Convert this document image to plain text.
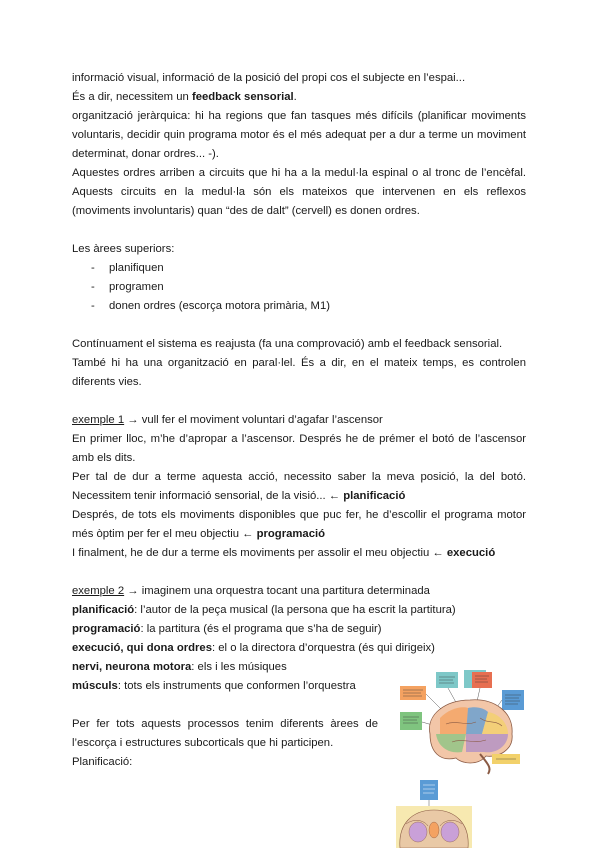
informació visual, informació de la posició del propi cos el subjecte en l’espai...
És a dir, necessitem un feedback sensorial.
organització jeràrquica: hi ha regions que fan tasques més difícils (planificar moviments voluntaris, decidir quin programa motor és el més adequat per a dur a terme un moviment determinat, donar ordres... -).
Aquestes ordres arriben a circuits que hi ha a la medul·la espinal o al tronc de l’encèfal. Aquests circuits en la medul·la són els mateixos que intervenen en els reflexos (moviments involuntaris) quan “des de dalt” (cervell) es donen ordres.
Les àrees superiors:
- planifiquen
- programen
- donen ordres (escorça motora primària, M1)
Contínuament el sistema es reajusta (fa una comprovació) amb el feedback sensorial.
També hi ha una organització en paral·lel. És a dir, en el mateix temps, es controlen diferents vies.
exemple 1 → vull fer el moviment voluntari d’agafar l’ascensor
En primer lloc, m’he d’apropar a l’ascensor. Després he de prémer el botó de l’ascensor amb els dits.
Per tal de dur a terme aquesta acció, necessito saber la meva posició, la del botó. Necessitem tenir informació sensorial, de la visió... ← planificació
Després, de tots els moviments disponibles que puc fer, he d’escollir el programa motor més òptim per fer el meu objectiu ← programació
I finalment, he de dur a terme els moviments per assolir el meu objectiu ← execució
exemple 2 → imaginem una orquestra tocant una partitura determinada
planificació: l’autor de la peça musical (la persona que ha escrit la partitura)
programació: la partitura (és el programa que s’ha de seguir)
execució, qui dona ordres: el o la directora d’orquestra (és qui dirigeix)
nervi, neurona motora: els i les músiques
músculs: tots els instruments que conformen l’orquestra
Per fer tots aquests processos tenim diferents àrees de l’escorça i estructures subcorticals que hi participen.
Planificació:
